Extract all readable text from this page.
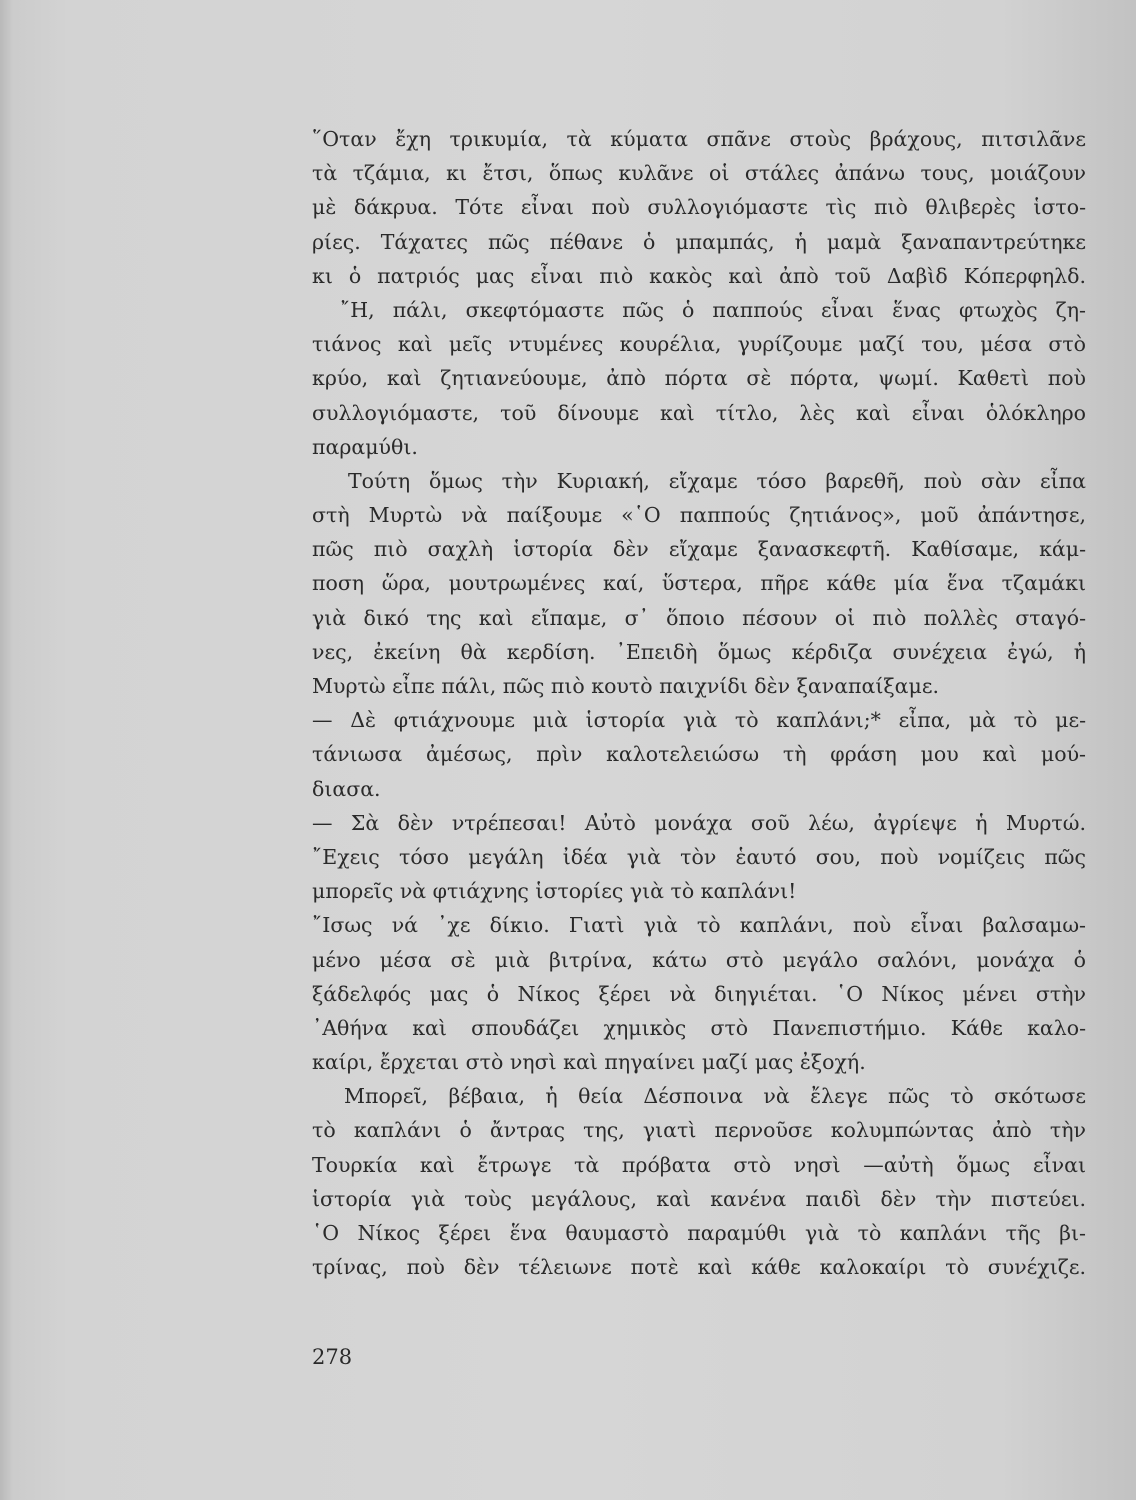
῞Οταν ἔχη τρικυμία, τὰ κύματα σπᾶνε στοὺς βράχους, πιτσιλᾶνε
τὰ τζάμια, κι ἔτσι, ὅπως κυλᾶνε οἱ στάλες ἀπάνω τους, μοιάζουν
μὲ δάκρυα. Τότε εἶναι ποὺ συλλογιόμαστε τὶς πιὸ θλιβερὲς ἱστο-
ρίες. Τάχατες πῶς πέθανε ὁ μπαμπάς, ἡ μαμὰ ξαναπαντρεύτηκε
κι ὁ πατριός μας εἶναι πιὸ κακὸς καὶ ἀπὸ τοῦ Δαβὶδ Κόπερφηλδ.
῎Η, πάλι, σκεφτόμαστε πῶς ὁ παππούς εἶναι ἕνας φτωχὸς ζη-
τιάνος καὶ μεῖς ντυμένες κουρέλια, γυρίζουμε μαζί του, μέσα στὸ
κρύο, καὶ ζητιανεύουμε, ἀπὸ πόρτα σὲ πόρτα, ψωμί. Καθετὶ ποὺ
συλλογιόμαστε, τοῦ δίνουμε καὶ τίτλο, λὲς καὶ εἶναι ὁλόκληρο
παραμύθι.
Τούτη ὅμως τὴν Κυριακή, εἴχαμε τόσο βαρεθῆ, ποὺ σὰν εἶπα
στὴ Μυρτὼ νὰ παίξουμε «῾Ο παππούς ζητιάνος», μοῦ ἀπάντησε,
πῶς πιὸ σαχλὴ ἱστορία δὲν εἴχαμε ξανασκεφτῆ. Καθίσαμε, κάμ-
ποση ὥρα, μουτρωμένες καί, ὕστερα, πῆρε κάθε μία ἕνα τζαμάκι
γιὰ δικό της καὶ εἴπαμε, σ᾿ ὅποιο πέσουν οἱ πιὸ πολλὲς σταγό-
νες, ἐκείνη θὰ κερδίση. ᾿Επειδὴ ὅμως κέρδιζα συνέχεια ἐγώ, ἡ
Μυρτὼ εἶπε πάλι, πῶς πιὸ κουτὸ παιχνίδι δὲν ξαναπαίξαμε.
— Δὲ φτιάχνουμε μιὰ ἱστορία γιὰ τὸ καπλάνι;* εἶπα, μὰ τὸ με-
τάνιωσα ἀμέσως, πρὶν καλοτελειώσω τὴ φράση μου καὶ μού-
διασα.
— Σὰ δὲν ντρέπεσαι! Αὐτὸ μονάχα σοῦ λέω, ἀγρίεψε ἡ Μυρτώ.
῎Εχεις τόσο μεγάλη ἰδέα γιὰ τὸν ἑαυτό σου, ποὺ νομίζεις πῶς
μπορεῖς νὰ φτιάχνης ἱστορίες γιὰ τὸ καπλάνι!
῎Ισως νά ᾿χε δίκιο. Γιατὶ γιὰ τὸ καπλάνι, ποὺ εἶναι βαλσαμω-
μένο μέσα σὲ μιὰ βιτρίνα, κάτω στὸ μεγάλο σαλόνι, μονάχα ὁ
ξάδελφός μας ὁ Νίκος ξέρει νὰ διηγιέται. ῾Ο Νίκος μένει στὴν
᾿Αθήνα καὶ σπουδάζει χημικὸς στὸ Πανεπιστήμιο. Κάθε καλο-
καίρι, ἔρχεται στὸ νησὶ καὶ πηγαίνει μαζί μας ἐξοχή.
Μπορεῖ, βέβαια, ἡ θεία Δέσποινα νὰ ἔλεγε πῶς τὸ σκότωσε
τὸ καπλάνι ὁ ἄντρας της, γιατὶ περνοῦσε κολυμπώντας ἀπὸ τὴν
Τουρκία καὶ ἔτρωγε τὰ πρόβατα στὸ νησὶ —αὐτὴ ὅμως εἶναι
ἱστορία γιὰ τοὺς μεγάλους, καὶ κανένα παιδὶ δὲν τὴν πιστεύει.
῾Ο Νίκος ξέρει ἕνα θαυμαστὸ παραμύθι γιὰ τὸ καπλάνι τῆς βι-
τρίνας, ποὺ δὲν τέλειωνε ποτὲ καὶ κάθε καλοκαίρι τὸ συνέχιζε.
278
